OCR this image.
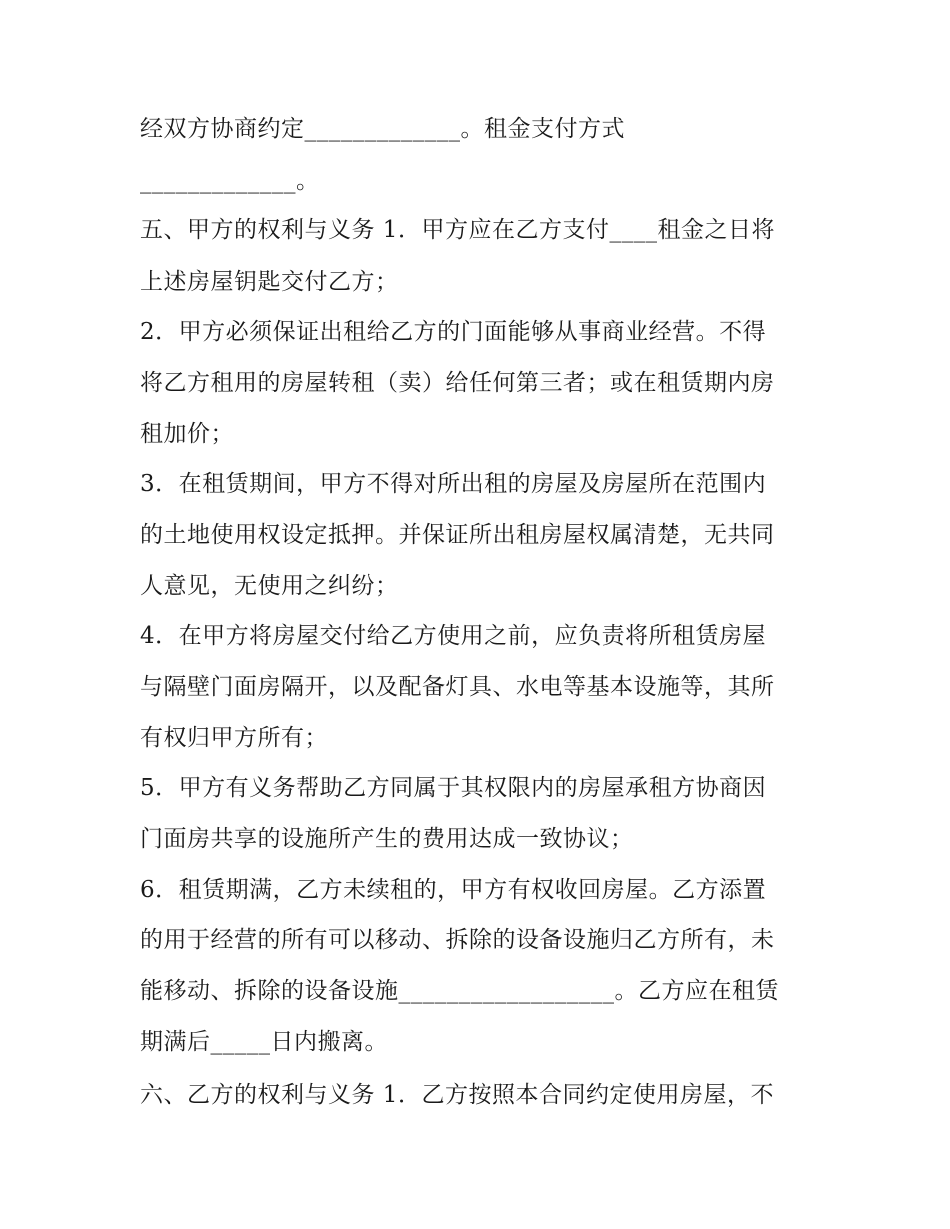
经双方协商约定_____________。租金支付方式

_____________。

五、甲方的权利与义务 1．甲方应在乙方支付____租金之日将

上述房屋钥匙交付乙方；

2．甲方必须保证出租给乙方的门面能够从事商业经营。不得

将乙方租用的房屋转租（卖）给任何第三者；或在租赁期内房

租加价；

3．在租赁期间，甲方不得对所出租的房屋及房屋所在范围内

的土地使用权设定抵押。并保证所出租房屋权属清楚，无共同

人意见，无使用之纠纷；

4．在甲方将房屋交付给乙方使用之前，应负责将所租赁房屋

与隔壁门面房隔开，以及配备灯具、水电等基本设施等，其所

有权归甲方所有；

5．甲方有义务帮助乙方同属于其权限内的房屋承租方协商因

门面房共享的设施所产生的费用达成一致协议；

6．租赁期满，乙方未续租的，甲方有权收回房屋。乙方添置

的用于经营的所有可以移动、拆除的设备设施归乙方所有，未

能移动、拆除的设备设施__________________。乙方应在租赁

期满后_____日内搬离。

六、乙方的权利与义务 1．乙方按照本合同约定使用房屋，不
